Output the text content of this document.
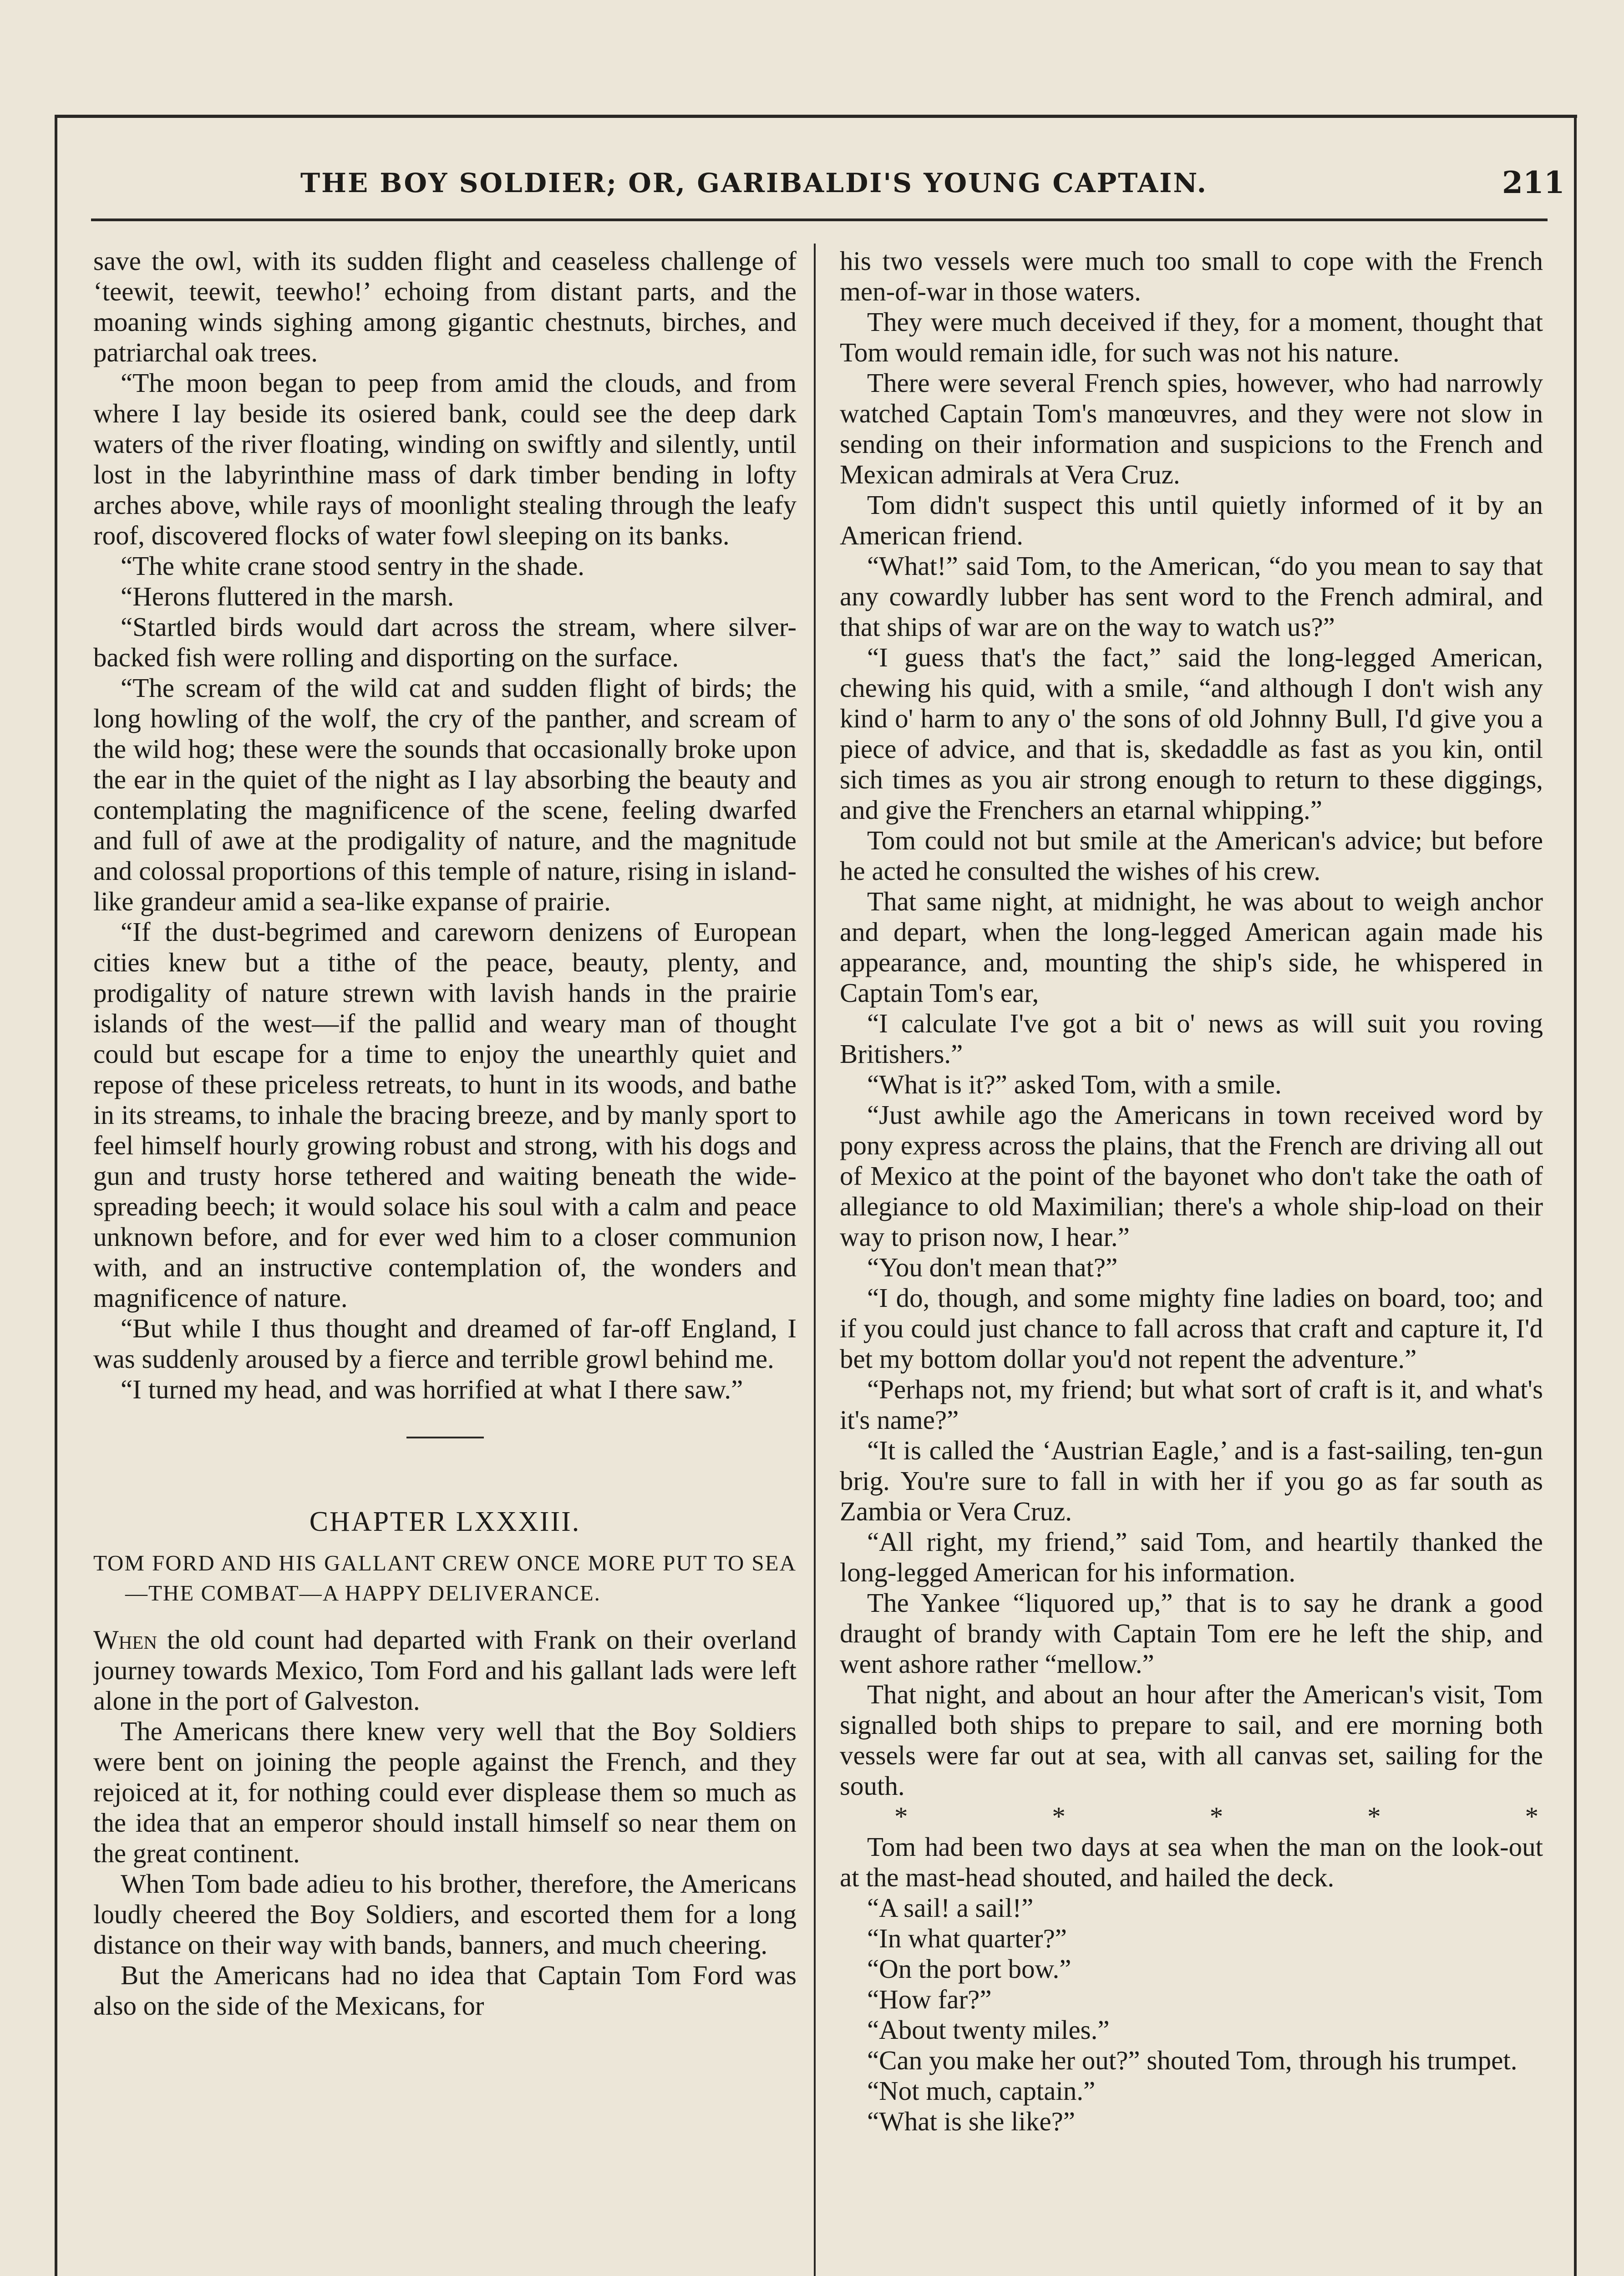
THE BOY SOLDIER; OR, GARIBALDI'S YOUNG CAPTAIN.	211

save the owl, with its sudden flight and ceaseless challenge of ‘teewit, teewit, teewho!’ echoing from distant parts, and the moaning winds sighing among gigantic chestnuts, birches, and patriarchal oak trees.

“The moon began to peep from amid the clouds, and from where I lay beside its osiered bank, could see the deep dark waters of the river floating, winding on swiftly and silently, until lost in the labyrinthine mass of dark timber bending in lofty arches above, while rays of moonlight stealing through the leafy roof, discovered flocks of water fowl sleeping on its banks.

“The white crane stood sentry in the shade.

“Herons fluttered in the marsh.

“Startled birds would dart across the stream, where silver-backed fish were rolling and disporting on the surface.

“The scream of the wild cat and sudden flight of birds; the long howling of the wolf, the cry of the panther, and scream of the wild hog; these were the sounds that occasionally broke upon the ear in the quiet of the night as I lay absorbing the beauty and contemplating the magnificence of the scene, feeling dwarfed and full of awe at the prodigality of nature, and the magnitude and colossal proportions of this temple of nature, rising in island-like grandeur amid a sea-like expanse of prairie.

“If the dust-begrimed and careworn denizens of European cities knew but a tithe of the peace, beauty, plenty, and prodigality of nature strewn with lavish hands in the prairie islands of the west—if the pallid and weary man of thought could but escape for a time to enjoy the unearthly quiet and repose of these priceless retreats, to hunt in its woods, and bathe in its streams, to inhale the bracing breeze, and by manly sport to feel himself hourly growing robust and strong, with his dogs and gun and trusty horse tethered and waiting beneath the wide-spreading beech; it would solace his soul with a calm and peace unknown before, and for ever wed him to a closer communion with, and an instructive contemplation of, the wonders and magnificence of nature.

“But while I thus thought and dreamed of far-off England, I was suddenly aroused by a fierce and terrible growl behind me.

“I turned my head, and was horrified at what I there saw.”

CHAPTER LXXXIII.
TOM FORD AND HIS GALLANT CREW ONCE MORE PUT TO SEA—THE COMBAT—A HAPPY DELIVERANCE.

When the old count had departed with Frank on their overland journey towards Mexico, Tom Ford and his gallant lads were left alone in the port of Galveston.

The Americans there knew very well that the Boy Soldiers were bent on joining the people against the French, and they rejoiced at it, for nothing could ever displease them so much as the idea that an emperor should install himself so near them on the great continent.

When Tom bade adieu to his brother, therefore, the Americans loudly cheered the Boy Soldiers, and escorted them for a long distance on their way with bands, banners, and much cheering.

But the Americans had no idea that Captain Tom Ford was also on the side of the Mexicans, for

his two vessels were much too small to cope with the French men-of-war in those waters.

They were much deceived if they, for a moment, thought that Tom would remain idle, for such was not his nature.

There were several French spies, however, who had narrowly watched Captain Tom's manœuvres, and they were not slow in sending on their information and suspicions to the French and Mexican admirals at Vera Cruz.

Tom didn't suspect this until quietly informed of it by an American friend.

“What!” said Tom, to the American, “do you mean to say that any cowardly lubber has sent word to the French admiral, and that ships of war are on the way to watch us?”

“I guess that's the fact,” said the long-legged American, chewing his quid, with a smile, “and although I don't wish any kind o' harm to any o' the sons of old Johnny Bull, I'd give you a piece of advice, and that is, skedaddle as fast as you kin, ontil sich times as you air strong enough to return to these diggings, and give the Frenchers an etarnal whipping.”

Tom could not but smile at the American's advice; but before he acted he consulted the wishes of his crew.

That same night, at midnight, he was about to weigh anchor and depart, when the long-legged American again made his appearance, and, mounting the ship's side, he whispered in Captain Tom's ear,

“I calculate I've got a bit o' news as will suit you roving Britishers.”

“What is it?” asked Tom, with a smile.

“Just awhile ago the Americans in town received word by pony express across the plains, that the French are driving all out of Mexico at the point of the bayonet who don't take the oath of allegiance to old Maximilian; there's a whole ship-load on their way to prison now, I hear.”

“You don't mean that?”

“I do, though, and some mighty fine ladies on board, too; and if you could just chance to fall across that craft and capture it, I'd bet my bottom dollar you'd not repent the adventure.”

“Perhaps not, my friend; but what sort of craft is it, and what's it's name?”

“It is called the ‘Austrian Eagle,’ and is a fast-sailing, ten-gun brig. You're sure to fall in with her if you go as far south as Zambia or Vera Cruz.

“All right, my friend,” said Tom, and heartily thanked the long-legged American for his information.

The Yankee “liquored up,” that is to say he drank a good draught of brandy with Captain Tom ere he left the ship, and went ashore rather “mellow.”

That night, and about an hour after the American's visit, Tom signalled both ships to prepare to sail, and ere morning both vessels were far out at sea, with all canvas set, sailing for the south.

*	*	*	*	*

Tom had been two days at sea when the man on the look-out at the mast-head shouted, and hailed the deck.

“A sail! a sail!”

“In what quarter?”

“On the port bow.”

“How far?”

“About twenty miles.”

“Can you make her out?” shouted Tom, through his trumpet.

“Not much, captain.”

“What is she like?”
